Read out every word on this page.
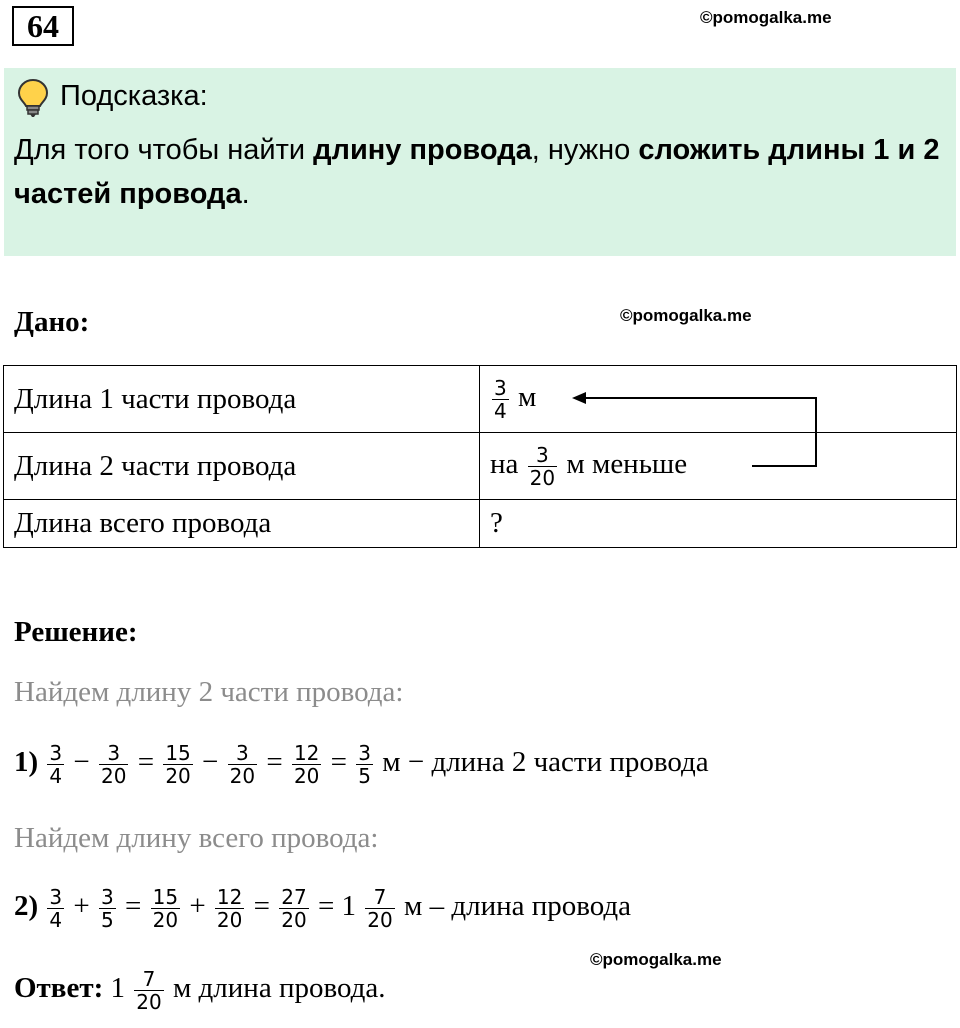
64	©pomogalka.me
Подсказка:
Для того чтобы найти длину провода, нужно сложить длины 1 и 2 частей провода.
Дано:	©pomogalka.me
Длина 1 части провода	$\frac{3}{4}$ м
Длина 2 части провода	на $\frac{3}{20}$ м меньше
Длина всего провода	?
Решение:
Найдем длину 2 части провода:
$1) \frac{3}{4} - \frac{3}{20} = \frac{15}{20} - \frac{3}{20} = \frac{12}{20} = \frac{3}{5}$ м − длина 2 части провода
Найдем длину всего провода:
$2) \frac{3}{4} + \frac{3}{5} = \frac{15}{20} + \frac{12}{20} = \frac{27}{20} = 1 \frac{7}{20}$ м – длина провода
©pomogalka.me
Ответ: $1 \frac{7}{20}$ м длина провода.
